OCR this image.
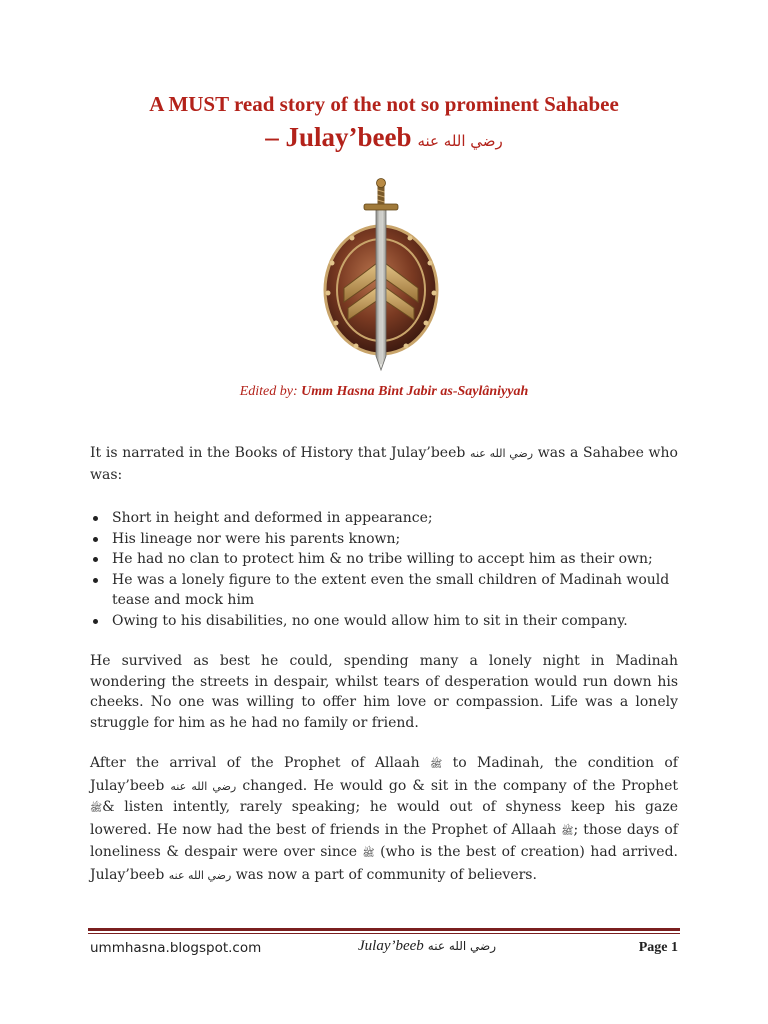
A MUST read story of the not so prominent Sahabee
– Julay’beeb رضي الله عنه
Edited by: Umm Hasna Bint Jabir as-Saylâniyyah
It is narrated in the Books of History that Julay’beeb رضي الله عنه was a Sahabee who was:
Short in height and deformed in appearance;
His lineage nor were his parents known;
He had no clan to protect him & no tribe willing to accept him as their own;
He was a lonely figure to the extent even the small children of Madinah would tease and mock him
Owing to his disabilities, no one would allow him to sit in their company.
He survived as best he could, spending many a lonely night in Madinah wondering the streets in despair, whilst tears of desperation would run down his cheeks. No one was willing to offer him love or compassion. Life was a lonely struggle for him as he had no family or friend.
After the arrival of the Prophet of Allaah ﷺ to Madinah, the condition of Julay’beeb رضي الله عنه changed. He would go & sit in the company of the Prophet ﷺ& listen intently, rarely speaking; he would out of shyness keep his gaze lowered. He now had the best of friends in the Prophet of Allaah ﷺ; those days of loneliness & despair were over since ﷺ (who is the best of creation) had arrived. Julay’beeb رضي الله عنه was now a part of community of believers.
ummhasna.blogspot.com	Julay’beeb رضي الله عنه	Page 1
